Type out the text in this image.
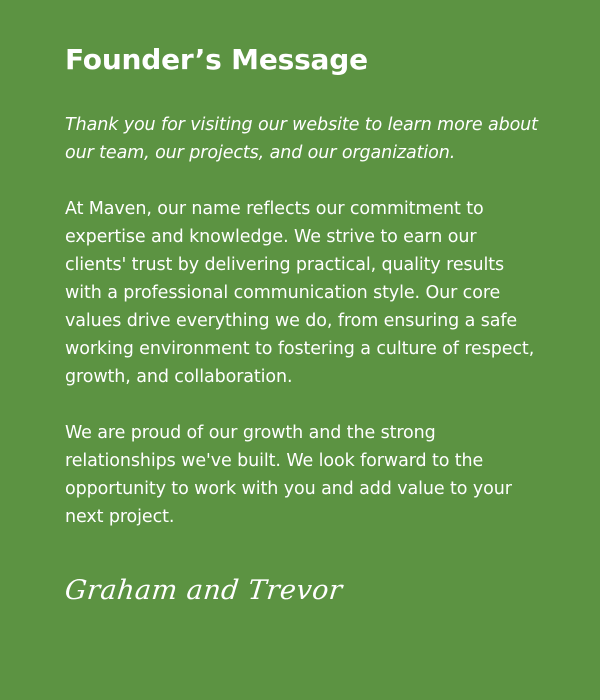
Founder’s Message

Thank you for visiting our website to learn more about our team, our projects, and our organization.

At Maven, our name reflects our commitment to expertise and knowledge. We strive to earn our clients' trust by delivering practical, quality results with a professional communication style. Our core values drive everything we do, from ensuring a safe working environment to fostering a culture of respect, growth, and collaboration.

We are proud of our growth and the strong relationships we've built. We look forward to the opportunity to work with you and add value to your next project.

Graham and Trevor
